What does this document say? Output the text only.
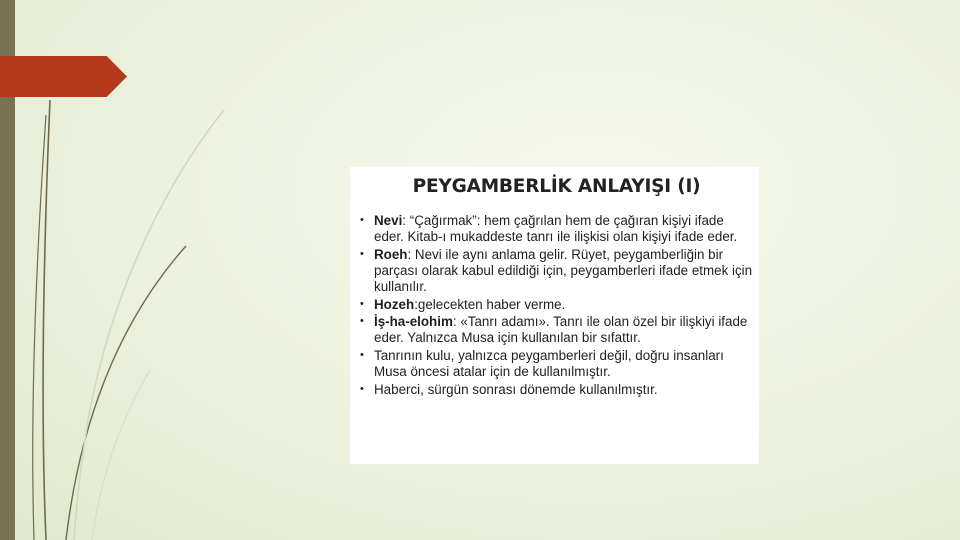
PEYGAMBERLİK ANLAYIŞI (I)
• Nevi: “Çağırmak”: hem çağrılan hem de çağıran kişiyi ifade eder. Kitab-ı mukaddeste tanrı ile ilişkisi olan kişiyi ifade eder.
• Roeh: Nevi ile aynı anlama gelir. Rüyet, peygamberliğin bir parçası olarak kabul edildiği için, peygamberleri ifade etmek için kullanılır.
• Hozeh:gelecekten haber verme.
• İş-ha-elohim: «Tanrı adamı». Tanrı ile olan özel bir ilişkiyi ifade eder. Yalnızca Musa için kullanılan bir sıfattır.
• Tanrının kulu, yalnızca peygamberleri değil, doğru insanları Musa öncesi atalar için de kullanılmıştır.
• Haberci, sürgün sonrası dönemde kullanılmıştır.
